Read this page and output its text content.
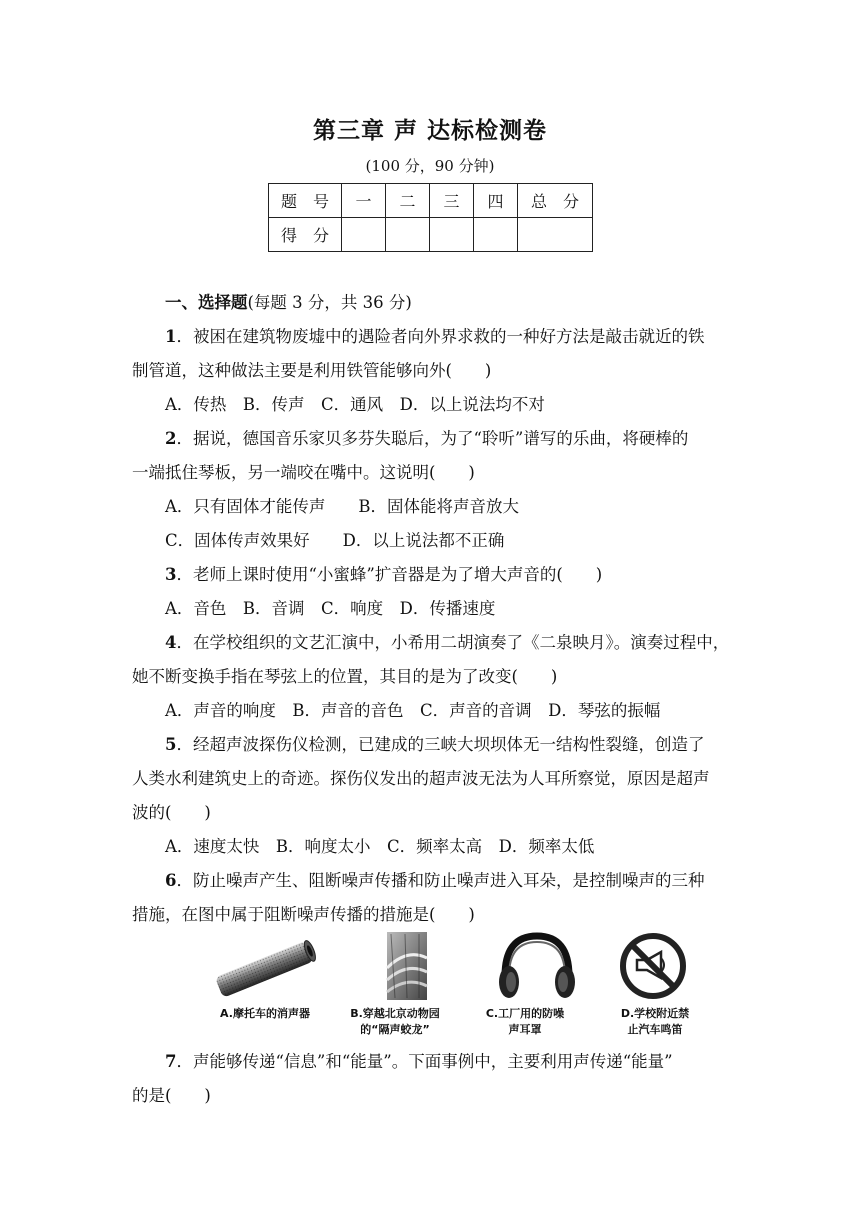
第三章 声 达标检测卷
(100 分，90 分钟)
题　号	一	二	三	四	总　分
得　分					
一、选择题(每题 3 分，共 36 分)
1．被困在建筑物废墟中的遇险者向外界求救的一种好方法是敲击就近的铁
制管道，这种做法主要是利用铁管能够向外(　　)
A．传热　B．传声　C．通风　D．以上说法均不对
2．据说，德国音乐家贝多芬失聪后，为了“聆听”谱写的乐曲，将硬棒的
一端抵住琴板，另一端咬在嘴中。这说明(　　)
A．只有固体才能传声　　B．固体能将声音放大
C．固体传声效果好　　D．以上说法都不正确
3．老师上课时使用“小蜜蜂”扩音器是为了增大声音的(　　)
A．音色　B．音调　C．响度　D．传播速度
4．在学校组织的文艺汇演中，小希用二胡演奏了《二泉映月》。演奏过程中，
她不断变换手指在琴弦上的位置，其目的是为了改变(　　)
A．声音的响度　B．声音的音色　C．声音的音调　D．琴弦的振幅
5．经超声波探伤仪检测，已建成的三峡大坝坝体无一结构性裂缝，创造了
人类水利建筑史上的奇迹。探伤仪发出的超声波无法为人耳所察觉，原因是超声
波的(　　)
A．速度太快　B．响度太小　C．频率太高　D．频率太低
6．防止噪声产生、阻断噪声传播和防止噪声进入耳朵，是控制噪声的三种
措施，在图中属于阻断噪声传播的措施是(　　)
A.摩托车的消声器	B.穿越北京动物园
的“隔声蛟龙”
C.工厂用的防噪
声耳罩
D.学校附近禁
止汽车鸣笛
7．声能够传递“信息”和“能量”。下面事例中，主要利用声传递“能量”
的是(　　)
